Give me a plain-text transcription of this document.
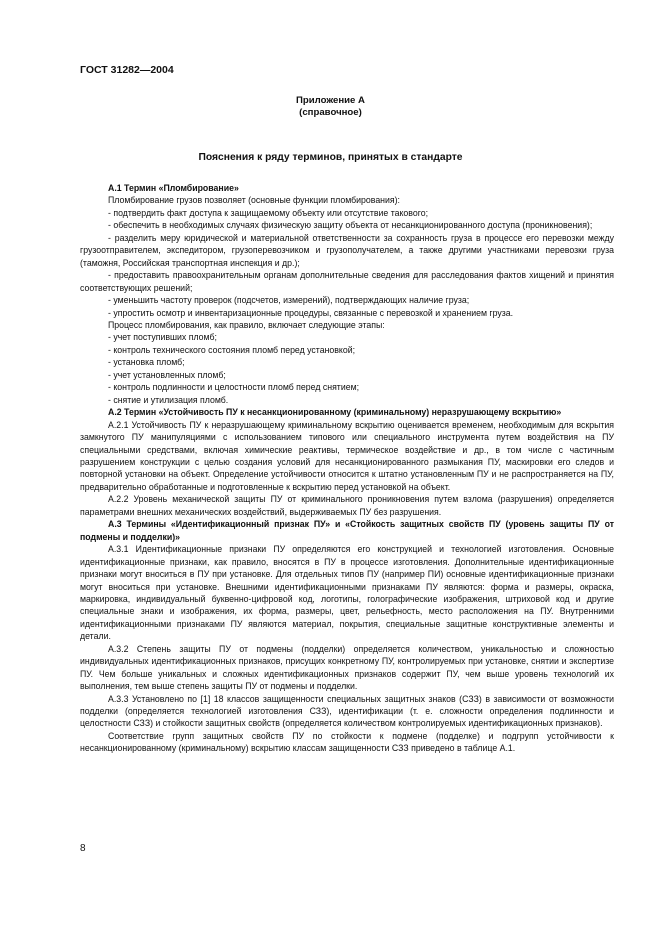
ГОСТ 31282—2004
Приложение А
(справочное)
Пояснения к ряду терминов, принятых в стандарте

А.1 Термин «Пломбирование»

Пломбирование грузов позволяет (основные функции пломбирования):

- подтвердить факт доступа к защищаемому объекту или отсутствие такового;

- обеспечить в необходимых случаях физическую защиту объекта от несанкционированного доступа (проникновения);

- разделить меру юридической и материальной ответственности за сохранность груза в процессе его перевозки между грузоотправителем, экспедитором, грузоперевозчиком и грузополучателем, а также другими участниками перевозки груза (таможня, Российская транспортная инспекция и др.);

- предоставить правоохранительным органам дополнительные сведения для расследования фактов хищений и принятия соответствующих решений;

- уменьшить частоту проверок (подсчетов, измерений), подтверждающих наличие груза;

- упростить осмотр и инвентаризационные процедуры, связанные с перевозкой и хранением груза.

Процесс пломбирования, как правило, включает следующие этапы:

- учет поступивших пломб;

- контроль технического состояния пломб перед установкой;

- установка пломб;

- учет установленных пломб;

- контроль подлинности и целостности пломб перед снятием;

- снятие и утилизация пломб.

А.2 Термин «Устойчивость ПУ к несанкционированному (криминальному) неразрушающему вскрытию»

А.2.1 Устойчивость ПУ к неразрушающему криминальному вскрытию оценивается временем, необходимым для вскрытия замкнутого ПУ манипуляциями с использованием типового или специального инструмента путем воздействия на ПУ специальными средствами, включая химические реактивы, термическое воздействие и др., в том числе с частичным разрушением конструкции с целью создания условий для несанкционированного размыкания ПУ, маскировки его следов и повторной установки на объект. Определение устойчивости относится к штатно установленным ПУ и не распространяется на ПУ, предварительно обработанные и подготовленные к вскрытию перед установкой на объект.

А.2.2 Уровень механической защиты ПУ от криминального проникновения путем взлома (разрушения) определяется параметрами внешних механических воздействий, выдерживаемых ПУ без разрушения.

А.3 Термины «Идентификационный признак ПУ» и «Стойкость защитных свойств ПУ (уровень защиты ПУ от подмены и подделки)»

А.3.1 Идентификационные признаки ПУ определяются его конструкцией и технологией изготовления. Основные идентификационные признаки, как правило, вносятся в ПУ в процессе изготовления. Дополнительные идентификационные признаки могут вноситься в ПУ при установке. Для отдельных типов ПУ (например ПИ) основные идентификационные признаки могут вноситься при установке. Внешними идентификационными признаками ПУ являются: форма и размеры, окраска, маркировка, индивидуальный буквенно-цифровой код, логотипы, голографические изображения, штриховой код и другие специальные знаки и изображения, их форма, размеры, цвет, рельефность, место расположения на ПУ. Внутренними идентификационными признаками ПУ являются материал, покрытия, специальные защитные конструктивные элементы и детали.

А.3.2 Степень защиты ПУ от подмены (подделки) определяется количеством, уникальностью и сложностью индивидуальных идентификационных признаков, присущих конкретному ПУ, контролируемых при установке, снятии и экспертизе ПУ. Чем больше уникальных и сложных идентификационных признаков содержит ПУ, чем выше уровень технологий их выполнения, тем выше степень защиты ПУ от подмены и подделки.

А.3.3 Установлено по [1] 18 классов защищенности специальных защитных знаков (СЗЗ) в зависимости от возможности подделки (определяется технологией изготовления СЗЗ), идентификации (т. е. сложности определения подлинности и целостности СЗЗ) и стойкости защитных свойств (определяется количеством контролируемых идентификационных признаков).

Соответствие групп защитных свойств ПУ по стойкости к подмене (подделке) и подгрупп устойчивости к несанкционированному (криминальному) вскрытию классам защищенности СЗЗ приведено в таблице А.1.

8
